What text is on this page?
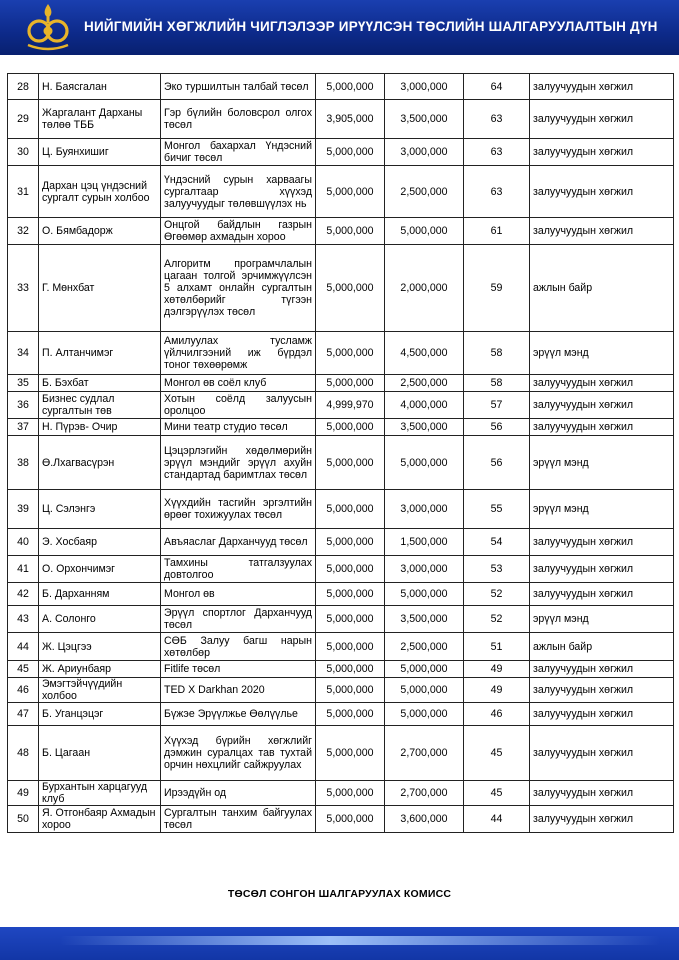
НИЙГМИЙН ХӨГЖЛИЙН ЧИГЛЭЛЭЭР ИРҮҮЛСЭН ТӨСЛИЙН ШАЛГАРУУЛАЛТЫН ДҮН
28	Н. Баясгалан	Эко туршилтын талбай төсөл	5,000,000	3,000,000	64	залуучуудын хөгжил
29	Жаргалант Дарханы төлөө ТББ	Гэр бүлийн боловсрол олгох төсөл	3,905,000	3,500,000	63	залуучуудын хөгжил
30	Ц. Буянхишиг	Монгол бахархал Үндэсний бичиг төсөл	5,000,000	3,000,000	63	залуучуудын хөгжил
31	Дархан цэц үндэсний сургалт сурын холбоо	Үндэсний сурын харваагы сургалтаар хүүхэд залуучуудыг төлөвшүүлэх нь	5,000,000	2,500,000	63	залуучуудын хөгжил
32	О. Бямбадорж	Онцгой байдлын газрын Өгөөмөр ахмадын хороо	5,000,000	5,000,000	61	залуучуудын хөгжил
33	Г. Мөнхбат	Алгоритм програмчлалын цагаан толгой эрчимжүүлсэн 5 алхамт онлайн сургалтын хөтөлбөрийг түгээн дэлгэрүүлэх төсөл	5,000,000	2,000,000	59	ажлын байр
34	П. Алтанчимэг	Амилуулах тусламж үйлчилгээний иж бүрдэл тоног төхөөрөмж	5,000,000	4,500,000	58	эрүүл мэнд
35	Б. Бэхбат	Монгол өв соёл клуб	5,000,000	2,500,000	58	залуучуудын хөгжил
36	Бизнес судлал сургалтын төв	Хотын соёлд залуусын оролцоо	4,999,970	4,000,000	57	залуучуудын хөгжил
37	Н. Пүрэв- Очир	Мини театр студио төсөл	5,000,000	3,500,000	56	залуучуудын хөгжил
38	Ө.Лхагвасүрэн	Цэцэрлэгийн хөдөлмөрийн эрүүл мэндийг эрүүл ахуйн стандартад баримтлах төсөл	5,000,000	5,000,000	56	эрүүл мэнд
39	Ц. Сэлэнгэ	Хүүхдийн тасгийн эргэлтийн өрөөг тохижуулах төсөл	5,000,000	3,000,000	55	эрүүл мэнд
40	Э. Хосбаяр	Авъяаслаг Дарханчууд төсөл	5,000,000	1,500,000	54	залуучуудын хөгжил
41	О. Орхончимэг	Тамхины татгалзуулах довтолгоо	5,000,000	3,000,000	53	залуучуудын хөгжил
42	Б. Дарханням	Монгол өв	5,000,000	5,000,000	52	залуучуудын хөгжил
43	А. Солонго	Эрүүл спортлог Дарханчууд төсөл	5,000,000	3,500,000	52	эрүүл мэнд
44	Ж. Цэцгээ	СӨБ Залуу багш нарын хөтөлбөр	5,000,000	2,500,000	51	ажлын байр
45	Ж. Ариунбаяр	Fitlife төсөл	5,000,000	5,000,000	49	залуучуудын хөгжил
46	Эмэгтэйчүүдийн холбоо	TED X Darkhan 2020	5,000,000	5,000,000	49	залуучуудын хөгжил
47	Б. Уганцэцэг	Бүжэе Эрүүлжье Өөлүүлье	5,000,000	5,000,000	46	залуучуудын хөгжил
48	Б. Цагаан	Хүүхэд бүрийн хөгжлийг дэмжин суралцах тав тухтай орчин нөхцлийг сайжруулах	5,000,000	2,700,000	45	залуучуудын хөгжил
49	Бурхантын харцагууд клуб	Ирээдүйн од	5,000,000	2,700,000	45	залуучуудын хөгжил
50	Я. Отгонбаяр Ахмадын хороо	Сургалтын танхим байгуулах төсөл	5,000,000	3,600,000	44	залуучуудын хөгжил
ТӨСӨЛ СОНГОН ШАЛГАРУУЛАХ КОМИСС
